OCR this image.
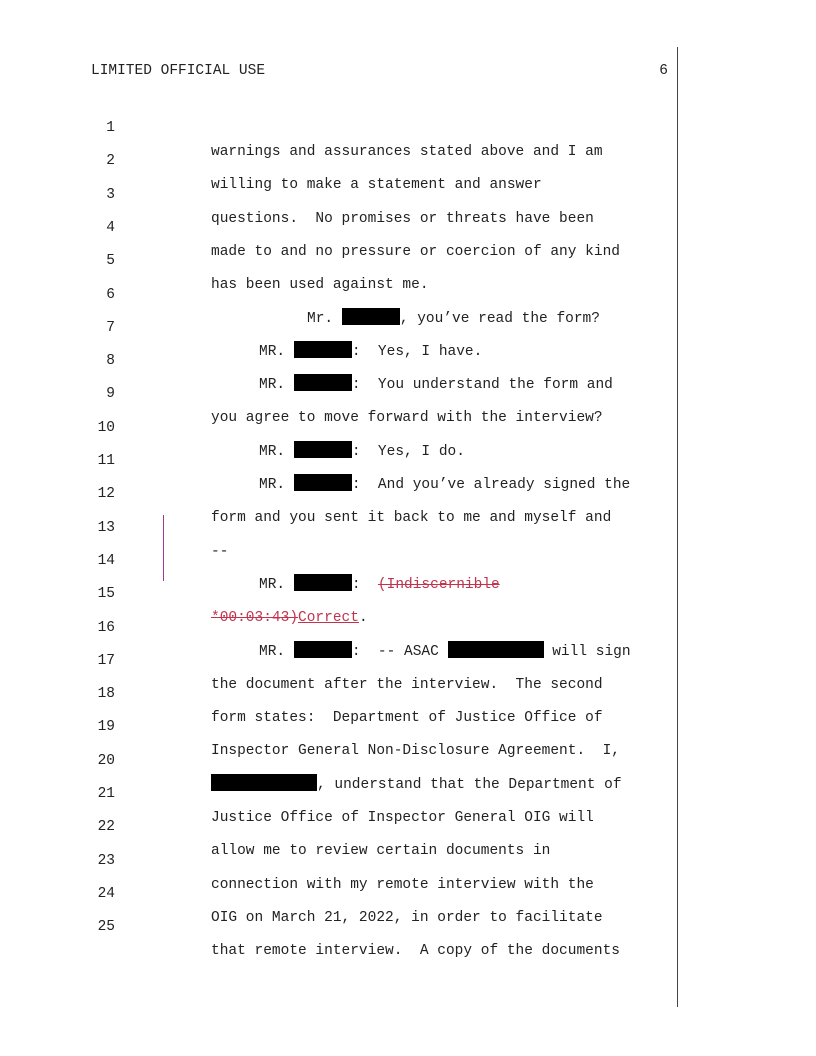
LIMITED OFFICIAL USE	6

1

warnings and assurances stated above and I am

2

willing to make a statement and answer

3

questions.  No promises or threats have been

4

made to and no pressure or coercion of any kind

5

has been used against me.

6

Mr.	, you’ve read the form?

7

MR.	:  Yes, I have.

8

MR.	:  You understand the form and

9

you agree to move forward with the interview?

10

MR.	:  Yes, I do.

11

MR.	:  And you’ve already signed the

12

form and you sent it back to me and myself and

13

--

14

MR.	:  (Indiscernible

15

*00:03:43)Correct.

16

MR.	:  -- ASAC	will sign

17

the document after the interview.  The second

18

form states:  Department of Justice Office of

19

Inspector General Non-Disclosure Agreement.  I,

20

, understand that the Department of

21

Justice Office of Inspector General OIG will

22

allow me to review certain documents in

23

connection with my remote interview with the

24

OIG on March 21, 2022, in order to facilitate

25

that remote interview.  A copy of the documents
